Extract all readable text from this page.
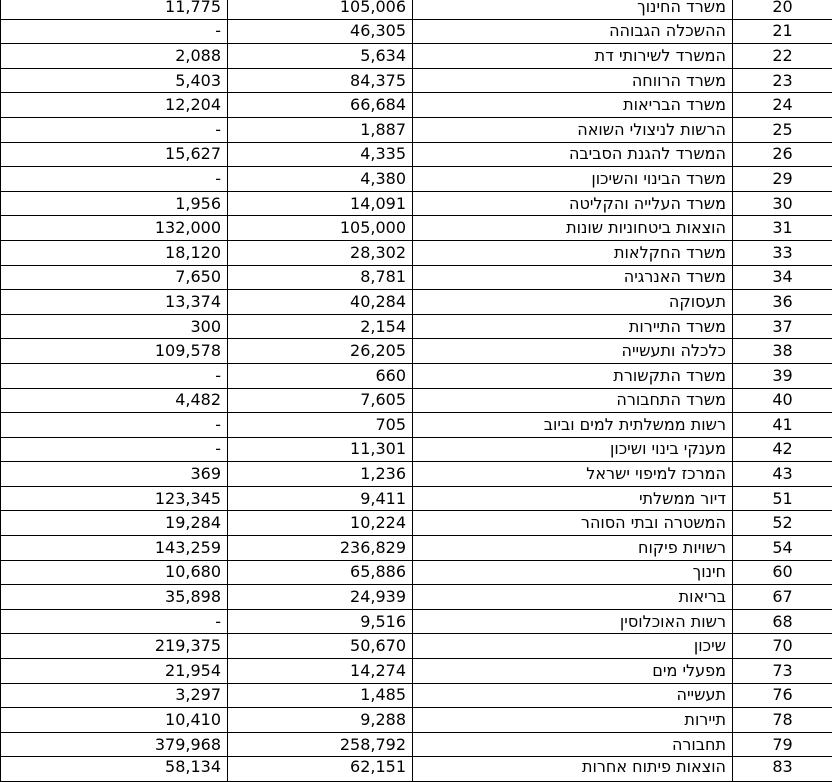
11,775	105,006	משרד החינוך	20
-	46,305	ההשכלה הגבוהה	21
2,088	5,634	המשרד לשירותי דת	22
5,403	84,375	משרד הרווחה	23
12,204	66,684	משרד הבריאות	24
-	1,887	הרשות לניצולי השואה	25
15,627	4,335	המשרד להגנת הסביבה	26
-	4,380	משרד הבינוי והשיכון	29
1,956	14,091	משרד העלייה והקליטה	30
132,000	105,000	הוצאות ביטחוניות שונות	31
18,120	28,302	משרד החקלאות	33
7,650	8,781	משרד האנרגיה	34
13,374	40,284	תעסוקה	36
300	2,154	משרד התיירות	37
109,578	26,205	כלכלה ותעשייה	38
-	660	משרד התקשורת	39
4,482	7,605	משרד התחבורה	40
-	705	רשות ממשלתית למים וביוב	41
-	11,301	מענקי בינוי ושיכון	42
369	1,236	המרכז למיפוי ישראל	43
123,345	9,411	דיור ממשלתי	51
19,284	10,224	המשטרה ובתי הסוהר	52
143,259	236,829	רשויות פיקוח	54
10,680	65,886	חינוך	60
35,898	24,939	בריאות	67
-	9,516	רשות האוכלוסין	68
219,375	50,670	שיכון	70
21,954	14,274	מפעלי מים	73
3,297	1,485	תעשייה	76
10,410	9,288	תיירות	78
379,968	258,792	תחבורה	79
58,134	62,151	הוצאות פיתוח אחרות	83
